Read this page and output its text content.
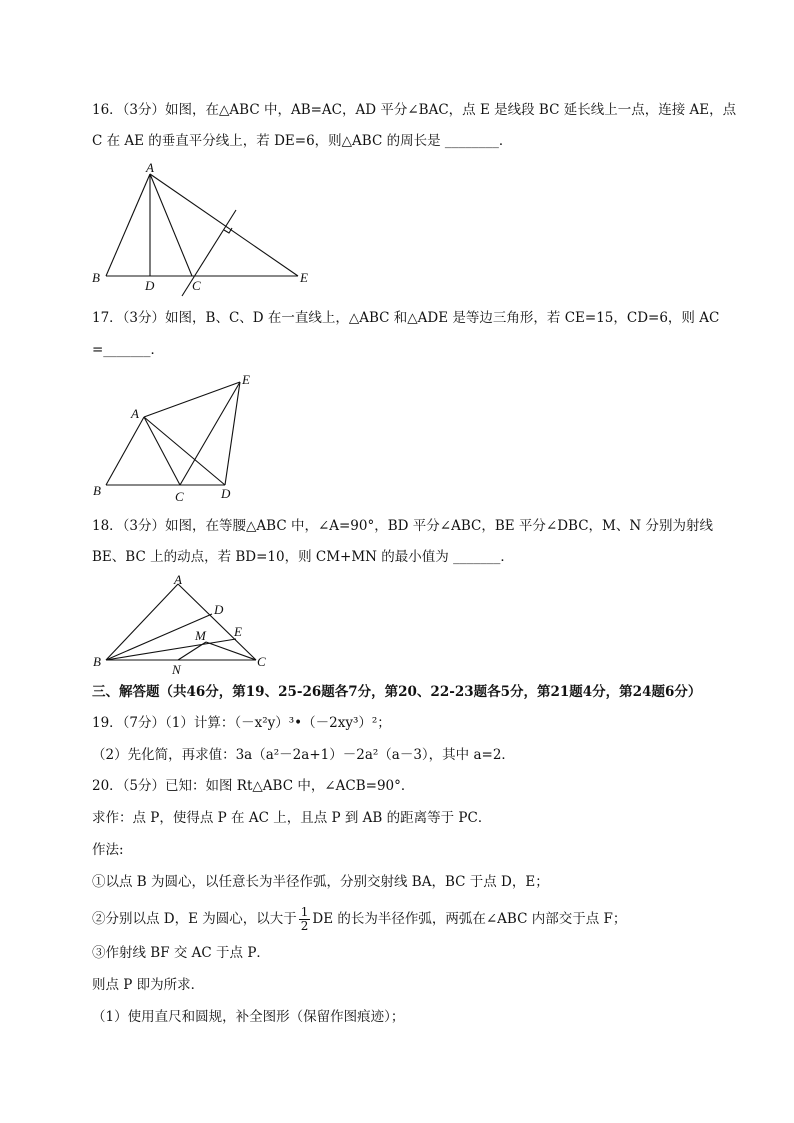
16．（3分）如图，在△ABC 中，AB=AC，AD 平分∠BAC，点 E 是线段 BC 延长线上一点，连接 AE，点
C 在 AE 的垂直平分线上，若 DE=6，则△ABC 的周长是 ________．
A
B
D	C
E
17．（3分）如图，B、C、D 在一直线上，△ABC 和△ADE 是等边三角形，若 CE=15，CD=6，则 AC
=_______．
A
B	C	D
E
18．（3分）如图，在等腰△ABC 中，∠A=90°，BD 平分∠ABC，BE 平分∠DBC，M、N 分别为射线
BE、BC 上的动点，若 BD=10，则 CM+MN 的最小值为 _______．
A
D
E
M
B
N
C
三、解答题（共46分，第19、25-26题各7分，第20、22-23题各5分，第21题4分，第24题6分）
19．（7分）（1）计算：（－x²y）³•（－2xy³）²；
（2）先化简，再求值：3a（a²－2a+1）－2a²（a－3），其中 a=2．
20．（5分）已知：如图 Rt△ABC 中，∠ACB=90°．
求作：点 P，使得点 P 在 AC 上，且点 P 到 AB 的距离等于 PC．
作法:
①以点 B 为圆心，以任意长为半径作弧，分别交射线 BA，BC 于点 D，E；
②分别以点 D，E 为圆心，以大于 $\frac{1}{2}$ DE 的长为半径作弧，两弧在∠ABC 内部交于点 F；
③作射线 BF 交 AC 于点 P．
则点 P 即为所求．
（1）使用直尺和圆规，补全图形（保留作图痕迹）；
